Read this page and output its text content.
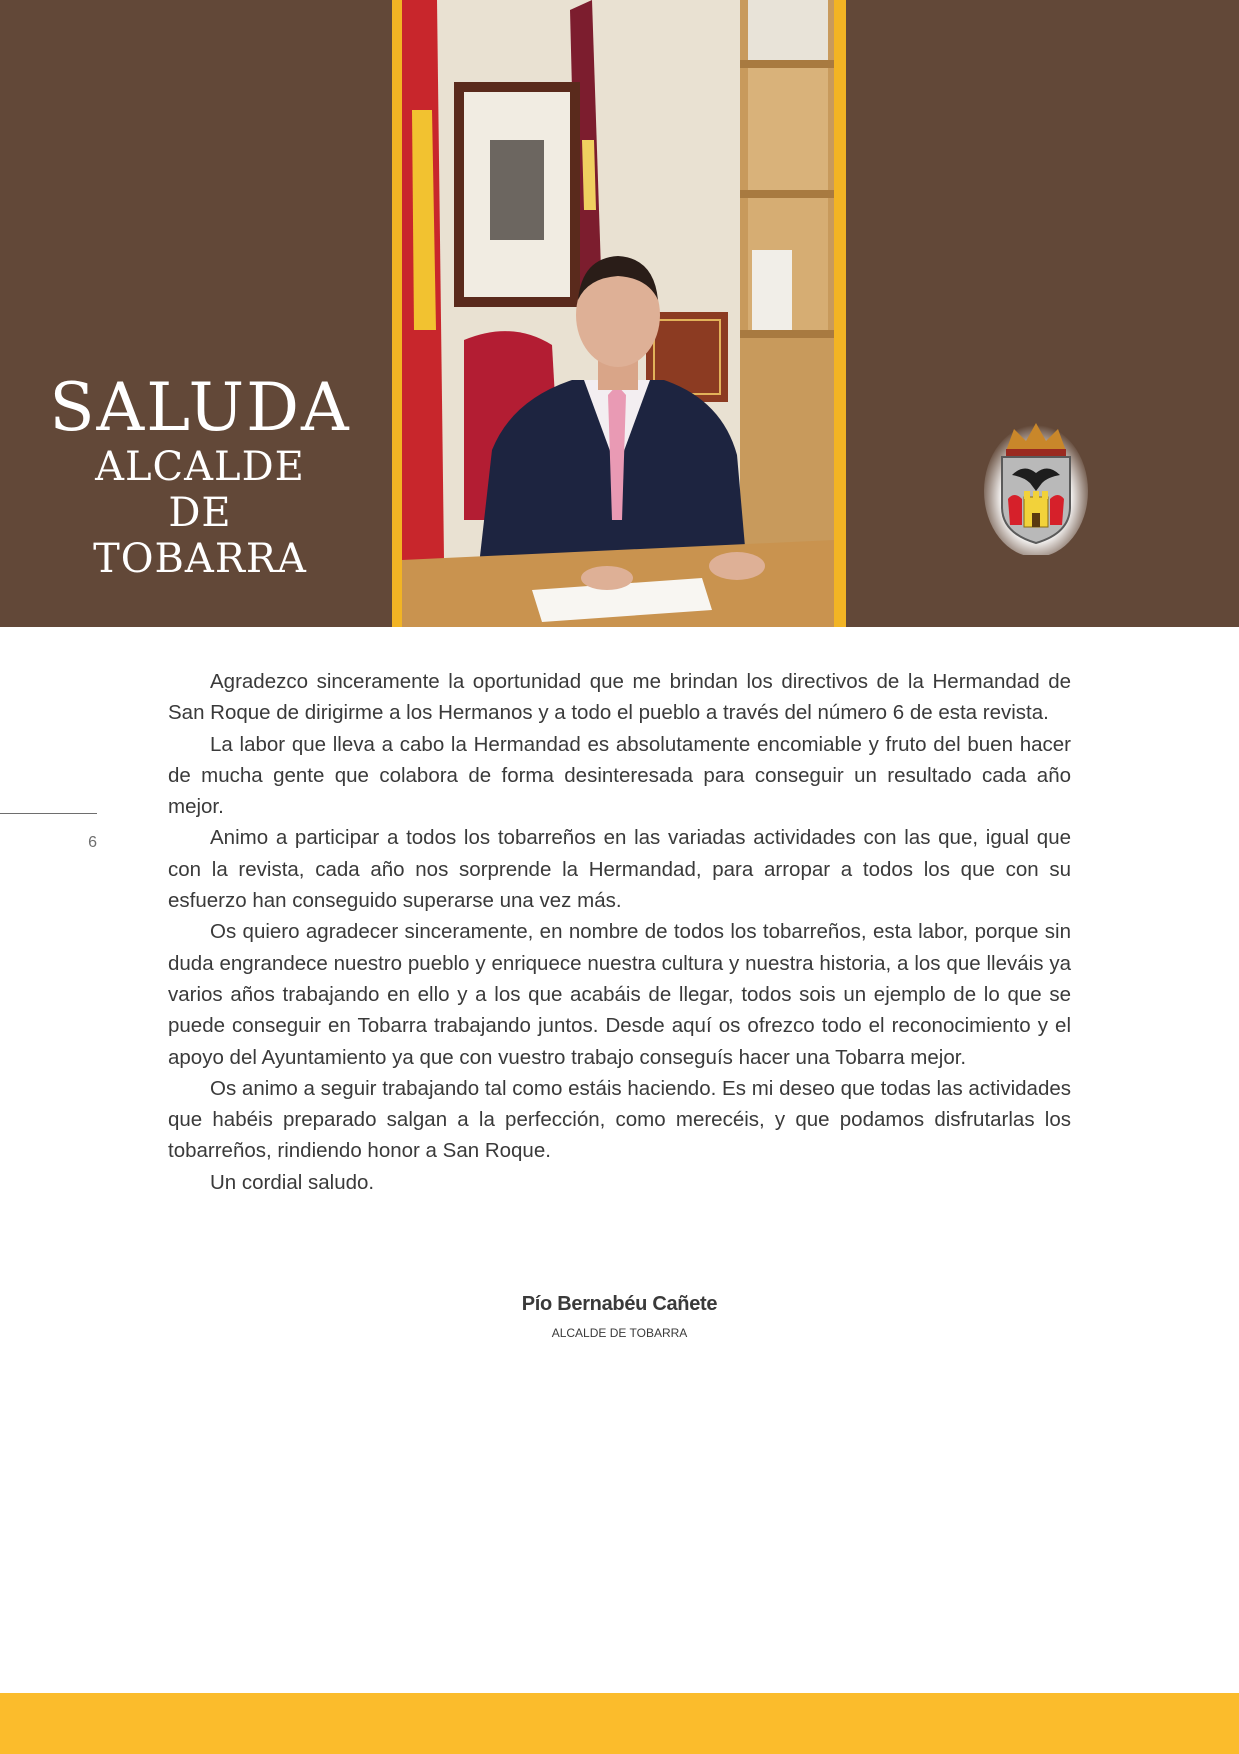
SALUDA
ALCALDE
DE
TOBARRA
6

Agradezco sinceramente la oportunidad que me brindan los directivos de la Hermandad de San Roque de dirigirme a los Hermanos y a todo el pueblo a través del número 6 de esta revista.

La labor que lleva a cabo la Hermandad es absolutamente encomiable y fruto del buen hacer de mucha gente que colabora de forma desinteresada para conseguir un resultado cada año mejor.

Animo a participar a todos los tobarreños en las variadas actividades con las que, igual que con la revista, cada año nos sorprende la Hermandad, para arropar a todos los que con su esfuerzo han conseguido superarse una vez más.

Os quiero agradecer sinceramente, en nombre de todos los tobarreños, esta labor, porque sin duda engrandece nuestro pueblo y enriquece nuestra cultura y nuestra historia, a los que lleváis ya varios años trabajando en ello y a los que acabáis de llegar, todos sois un ejemplo de lo que se puede conseguir en Tobarra trabajando juntos. Desde aquí os ofrezco todo el reconocimiento y el apoyo del Ayuntamiento ya que con vuestro trabajo conseguís hacer una Tobarra mejor.

Os animo a seguir trabajando tal como estáis haciendo. Es mi deseo que todas las actividades que habéis preparado salgan a la perfección, como merecéis, y que podamos disfrutarlas los tobarreños, rindiendo honor a San Roque.

Un cordial saludo.

Pío Bernabéu Cañete
ALCALDE DE TOBARRA
